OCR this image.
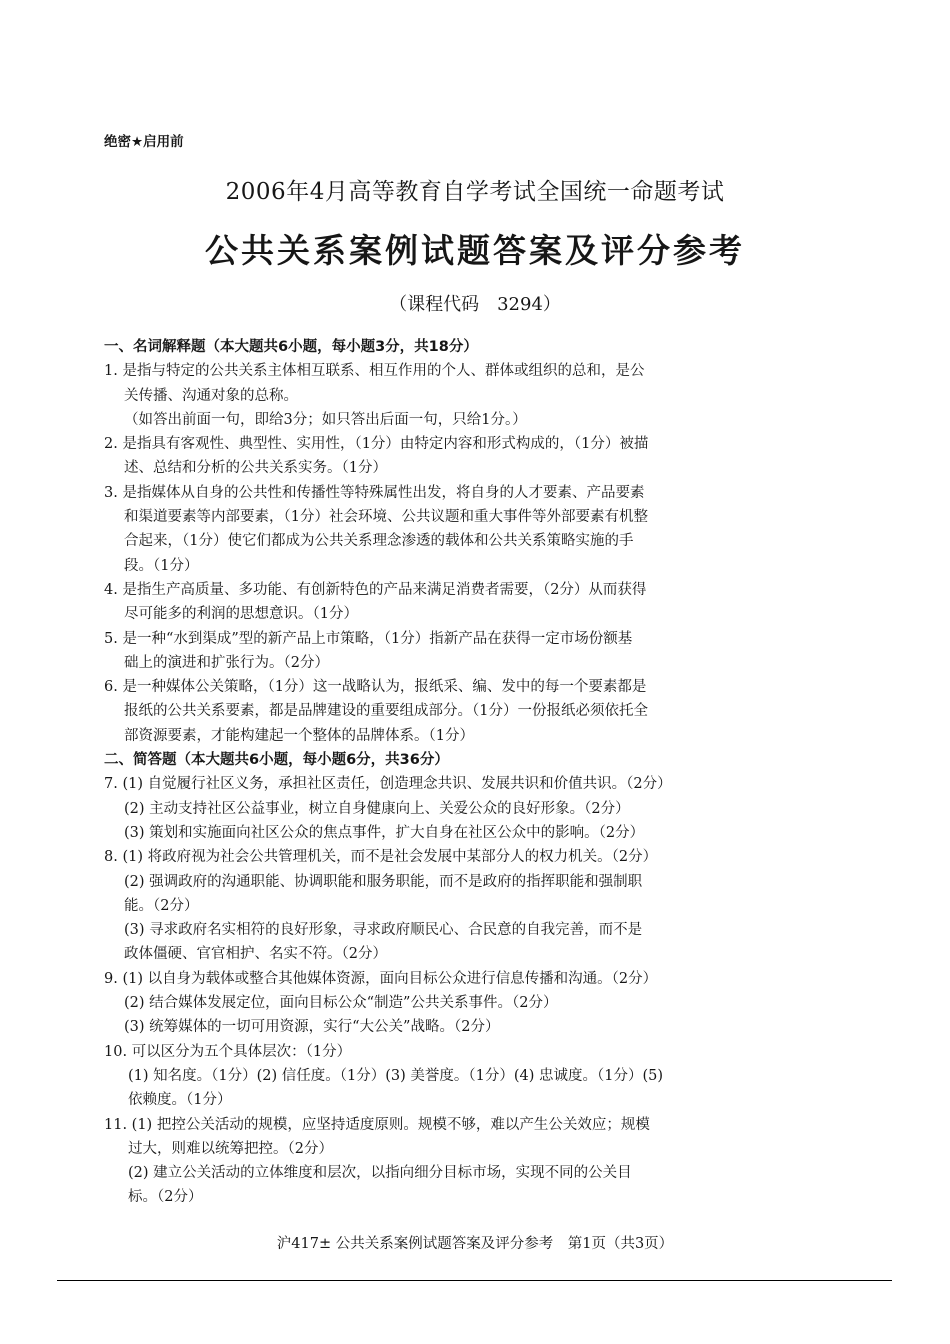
绝密★启用前
2006年4月高等教育自学考试全国统一命题考试
公共关系案例试题答案及评分参考
（课程代码　3294）
一、名词解释题（本大题共6小题，每小题3分，共18分）
1. 是指与特定的公共关系主体相互联系、相互作用的个人、群体或组织的总和，是公
关传播、沟通对象的总称。
（如答出前面一句，即给3分；如只答出后面一句，只给1分。）
2. 是指具有客观性、典型性、实用性，（1分）由特定内容和形式构成的，（1分）被描
述、总结和分析的公共关系实务。（1分）
3. 是指媒体从自身的公共性和传播性等特殊属性出发，将自身的人才要素、产品要素
和渠道要素等内部要素，（1分）社会环境、公共议题和重大事件等外部要素有机整
合起来，（1分）使它们都成为公共关系理念渗透的载体和公共关系策略实施的手
段。（1分）
4. 是指生产高质量、多功能、有创新特色的产品来满足消费者需要，（2分）从而获得
尽可能多的利润的思想意识。（1分）
5. 是一种“水到渠成”型的新产品上市策略，（1分）指新产品在获得一定市场份额基
础上的演进和扩张行为。（2分）
6. 是一种媒体公关策略，（1分）这一战略认为，报纸采、编、发中的每一个要素都是
报纸的公共关系要素，都是品牌建设的重要组成部分。（1分）一份报纸必须依托全
部资源要素，才能构建起一个整体的品牌体系。（1分）
二、简答题（本大题共6小题，每小题6分，共36分）
7. (1) 自觉履行社区义务，承担社区责任，创造理念共识、发展共识和价值共识。（2分）
(2) 主动支持社区公益事业，树立自身健康向上、关爱公众的良好形象。（2分）
(3) 策划和实施面向社区公众的焦点事件，扩大自身在社区公众中的影响。（2分）
8. (1) 将政府视为社会公共管理机关，而不是社会发展中某部分人的权力机关。（2分）
(2) 强调政府的沟通职能、协调职能和服务职能，而不是政府的指挥职能和强制职
能。（2分）
(3) 寻求政府名实相符的良好形象，寻求政府顺民心、合民意的自我完善，而不是
政体僵硬、官官相护、名实不符。（2分）
9. (1) 以自身为载体或整合其他媒体资源，面向目标公众进行信息传播和沟通。（2分）
(2) 结合媒体发展定位，面向目标公众“制造”公共关系事件。（2分）
(3) 统筹媒体的一切可用资源，实行“大公关”战略。（2分）
10. 可以区分为五个具体层次：（1分）
(1) 知名度。（1分）(2) 信任度。（1分）(3) 美誉度。（1分）(4) 忠诚度。（1分）(5)
依赖度。（1分）
11. (1) 把控公关活动的规模，应坚持适度原则。规模不够，难以产生公关效应；规模
过大，则难以统筹把控。（2分）
(2) 建立公关活动的立体维度和层次，以指向细分目标市场，实现不同的公关目
标。（2分）
沪417± 公共关系案例试题答案及评分参考　第1页（共3页）
